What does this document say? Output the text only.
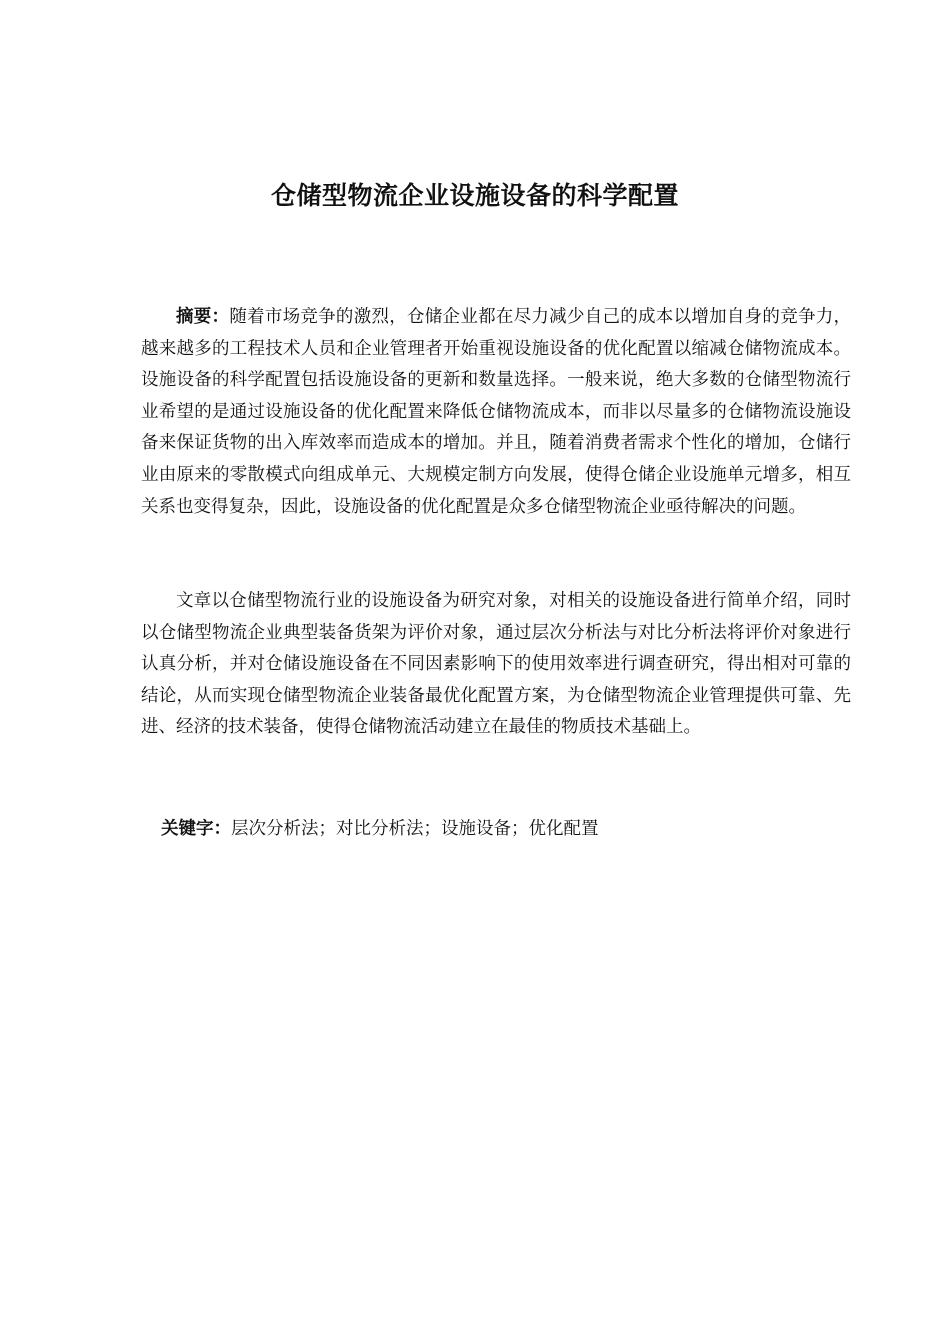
仓储型物流企业设施设备的科学配置

摘要：随着市场竞争的激烈，仓储企业都在尽力减少自己的成本以增加自身的竞争力，越来越多的工程技术人员和企业管理者开始重视设施设备的优化配置以缩减仓储物流成本。设施设备的科学配置包括设施设备的更新和数量选择。一般来说，绝大多数的仓储型物流行业希望的是通过设施设备的优化配置来降低仓储物流成本，而非以尽量多的仓储物流设施设备来保证货物的出入库效率而造成本的增加。并且，随着消费者需求个性化的增加，仓储行业由原来的零散模式向组成单元、大规模定制方向发展，使得仓储企业设施单元增多，相互关系也变得复杂，因此，设施设备的优化配置是众多仓储型物流企业亟待解决的问题。

文章以仓储型物流行业的设施设备为研究对象，对相关的设施设备进行简单介绍，同时以仓储型物流企业典型装备货架为评价对象，通过层次分析法与对比分析法将评价对象进行认真分析，并对仓储设施设备在不同因素影响下的使用效率进行调查研究，得出相对可靠的结论，从而实现仓储型物流企业装备最优化配置方案，为仓储型物流企业管理提供可靠、先进、经济的技术装备，使得仓储物流活动建立在最佳的物质技术基础上。

关键字：层次分析法；对比分析法；设施设备；优化配置
